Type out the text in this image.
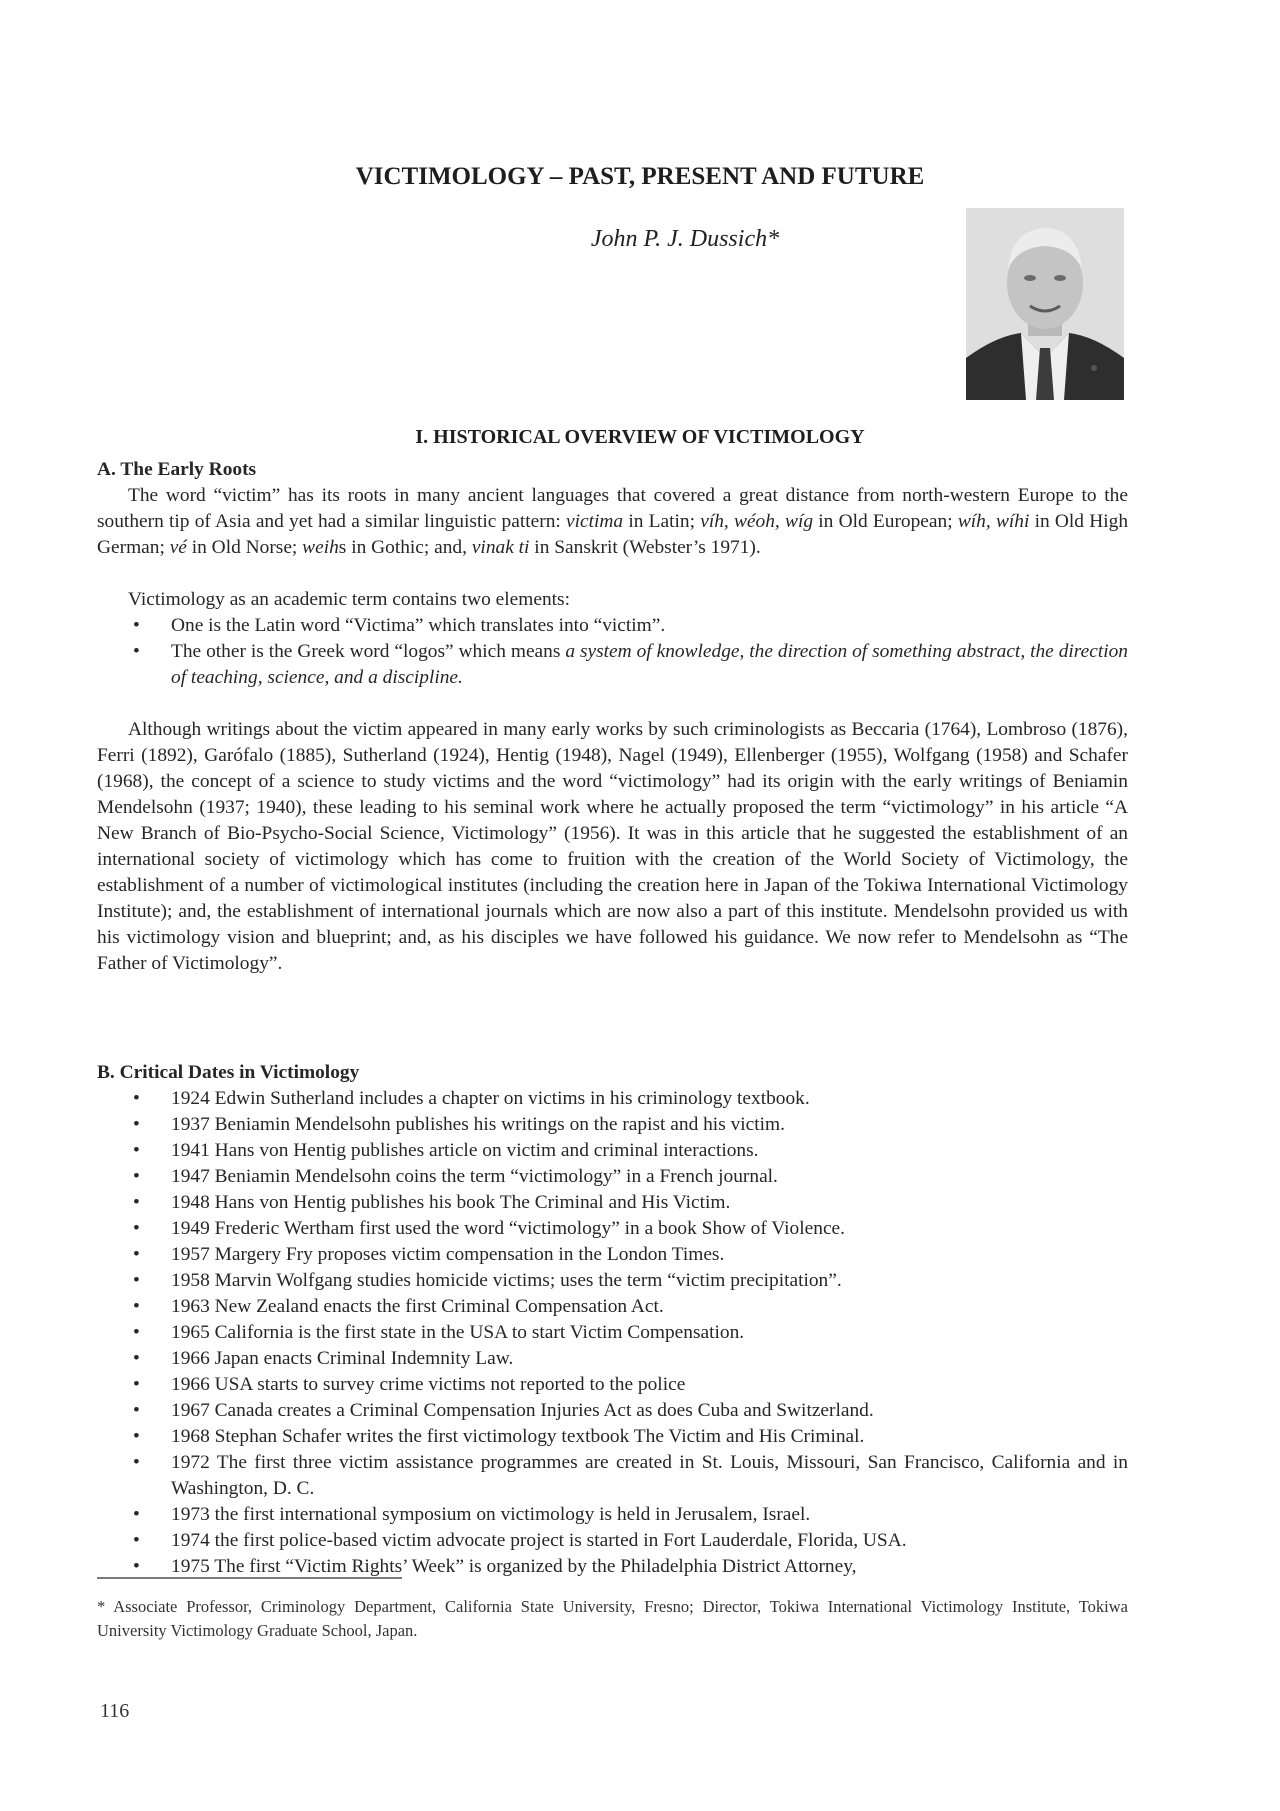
VICTIMOLOGY – PAST, PRESENT AND FUTURE
John P. J. Dussich*
I. HISTORICAL OVERVIEW OF VICTIMOLOGY
A. The Early Roots

The word “victim” has its roots in many ancient languages that covered a great distance from north-western Europe to the southern tip of Asia and yet had a similar linguistic pattern: victima in Latin; víh, wéoh, wíg in Old European; wíh, wíhi in Old High German; vé in Old Norse; weihs in Gothic; and, vinak ti in Sanskrit (Webster’s 1971).

Victimology as an academic term contains two elements:
• One is the Latin word “Victima” which translates into “victim”.
• The other is the Greek word “logos” which means a system of knowledge, the direction of something abstract, the direction of teaching, science, and a discipline.

Although writings about the victim appeared in many early works by such criminologists as Beccaria (1764), Lombroso (1876), Ferri (1892), Garófalo (1885), Sutherland (1924), Hentig (1948), Nagel (1949), Ellenberger (1955), Wolfgang (1958) and Schafer (1968), the concept of a science to study victims and the word “victimology” had its origin with the early writings of Beniamin Mendelsohn (1937; 1940), these leading to his seminal work where he actually proposed the term “victimology” in his article “A New Branch of Bio-Psycho-Social Science, Victimology” (1956). It was in this article that he suggested the establishment of an international society of victimology which has come to fruition with the creation of the World Society of Victimology, the establishment of a number of victimological institutes (including the creation here in Japan of the Tokiwa International Victimology Institute); and, the establishment of international journals which are now also a part of this institute. Mendelsohn provided us with his victimology vision and blueprint; and, as his disciples we have followed his guidance. We now refer to Mendelsohn as “The Father of Victimology”.

B. Critical Dates in Victimology
• 1924 Edwin Sutherland includes a chapter on victims in his criminology textbook.
• 1937 Beniamin Mendelsohn publishes his writings on the rapist and his victim.
• 1941 Hans von Hentig publishes article on victim and criminal interactions.
• 1947 Beniamin Mendelsohn coins the term “victimology” in a French journal.
• 1948 Hans von Hentig publishes his book The Criminal and His Victim.
• 1949 Frederic Wertham first used the word “victimology” in a book Show of Violence.
• 1957 Margery Fry proposes victim compensation in the London Times.
• 1958 Marvin Wolfgang studies homicide victims; uses the term “victim precipitation”.
• 1963 New Zealand enacts the first Criminal Compensation Act.
• 1965 California is the first state in the USA to start Victim Compensation.
• 1966 Japan enacts Criminal Indemnity Law.
• 1966 USA starts to survey crime victims not reported to the police
• 1967 Canada creates a Criminal Compensation Injuries Act as does Cuba and Switzerland.
• 1968 Stephan Schafer writes the first victimology textbook The Victim and His Criminal.
• 1972 The first three victim assistance programmes are created in St. Louis, Missouri, San Francisco, California and in Washington, D. C.
• 1973 the first international symposium on victimology is held in Jerusalem, Israel.
• 1974 the first police-based victim advocate project is started in Fort Lauderdale, Florida, USA.
• 1975 The first “Victim Rights’ Week” is organized by the Philadelphia District Attorney,
* Associate Professor, Criminology Department, California State University, Fresno; Director, Tokiwa International Victimology Institute, Tokiwa University Victimology Graduate School, Japan.
116
